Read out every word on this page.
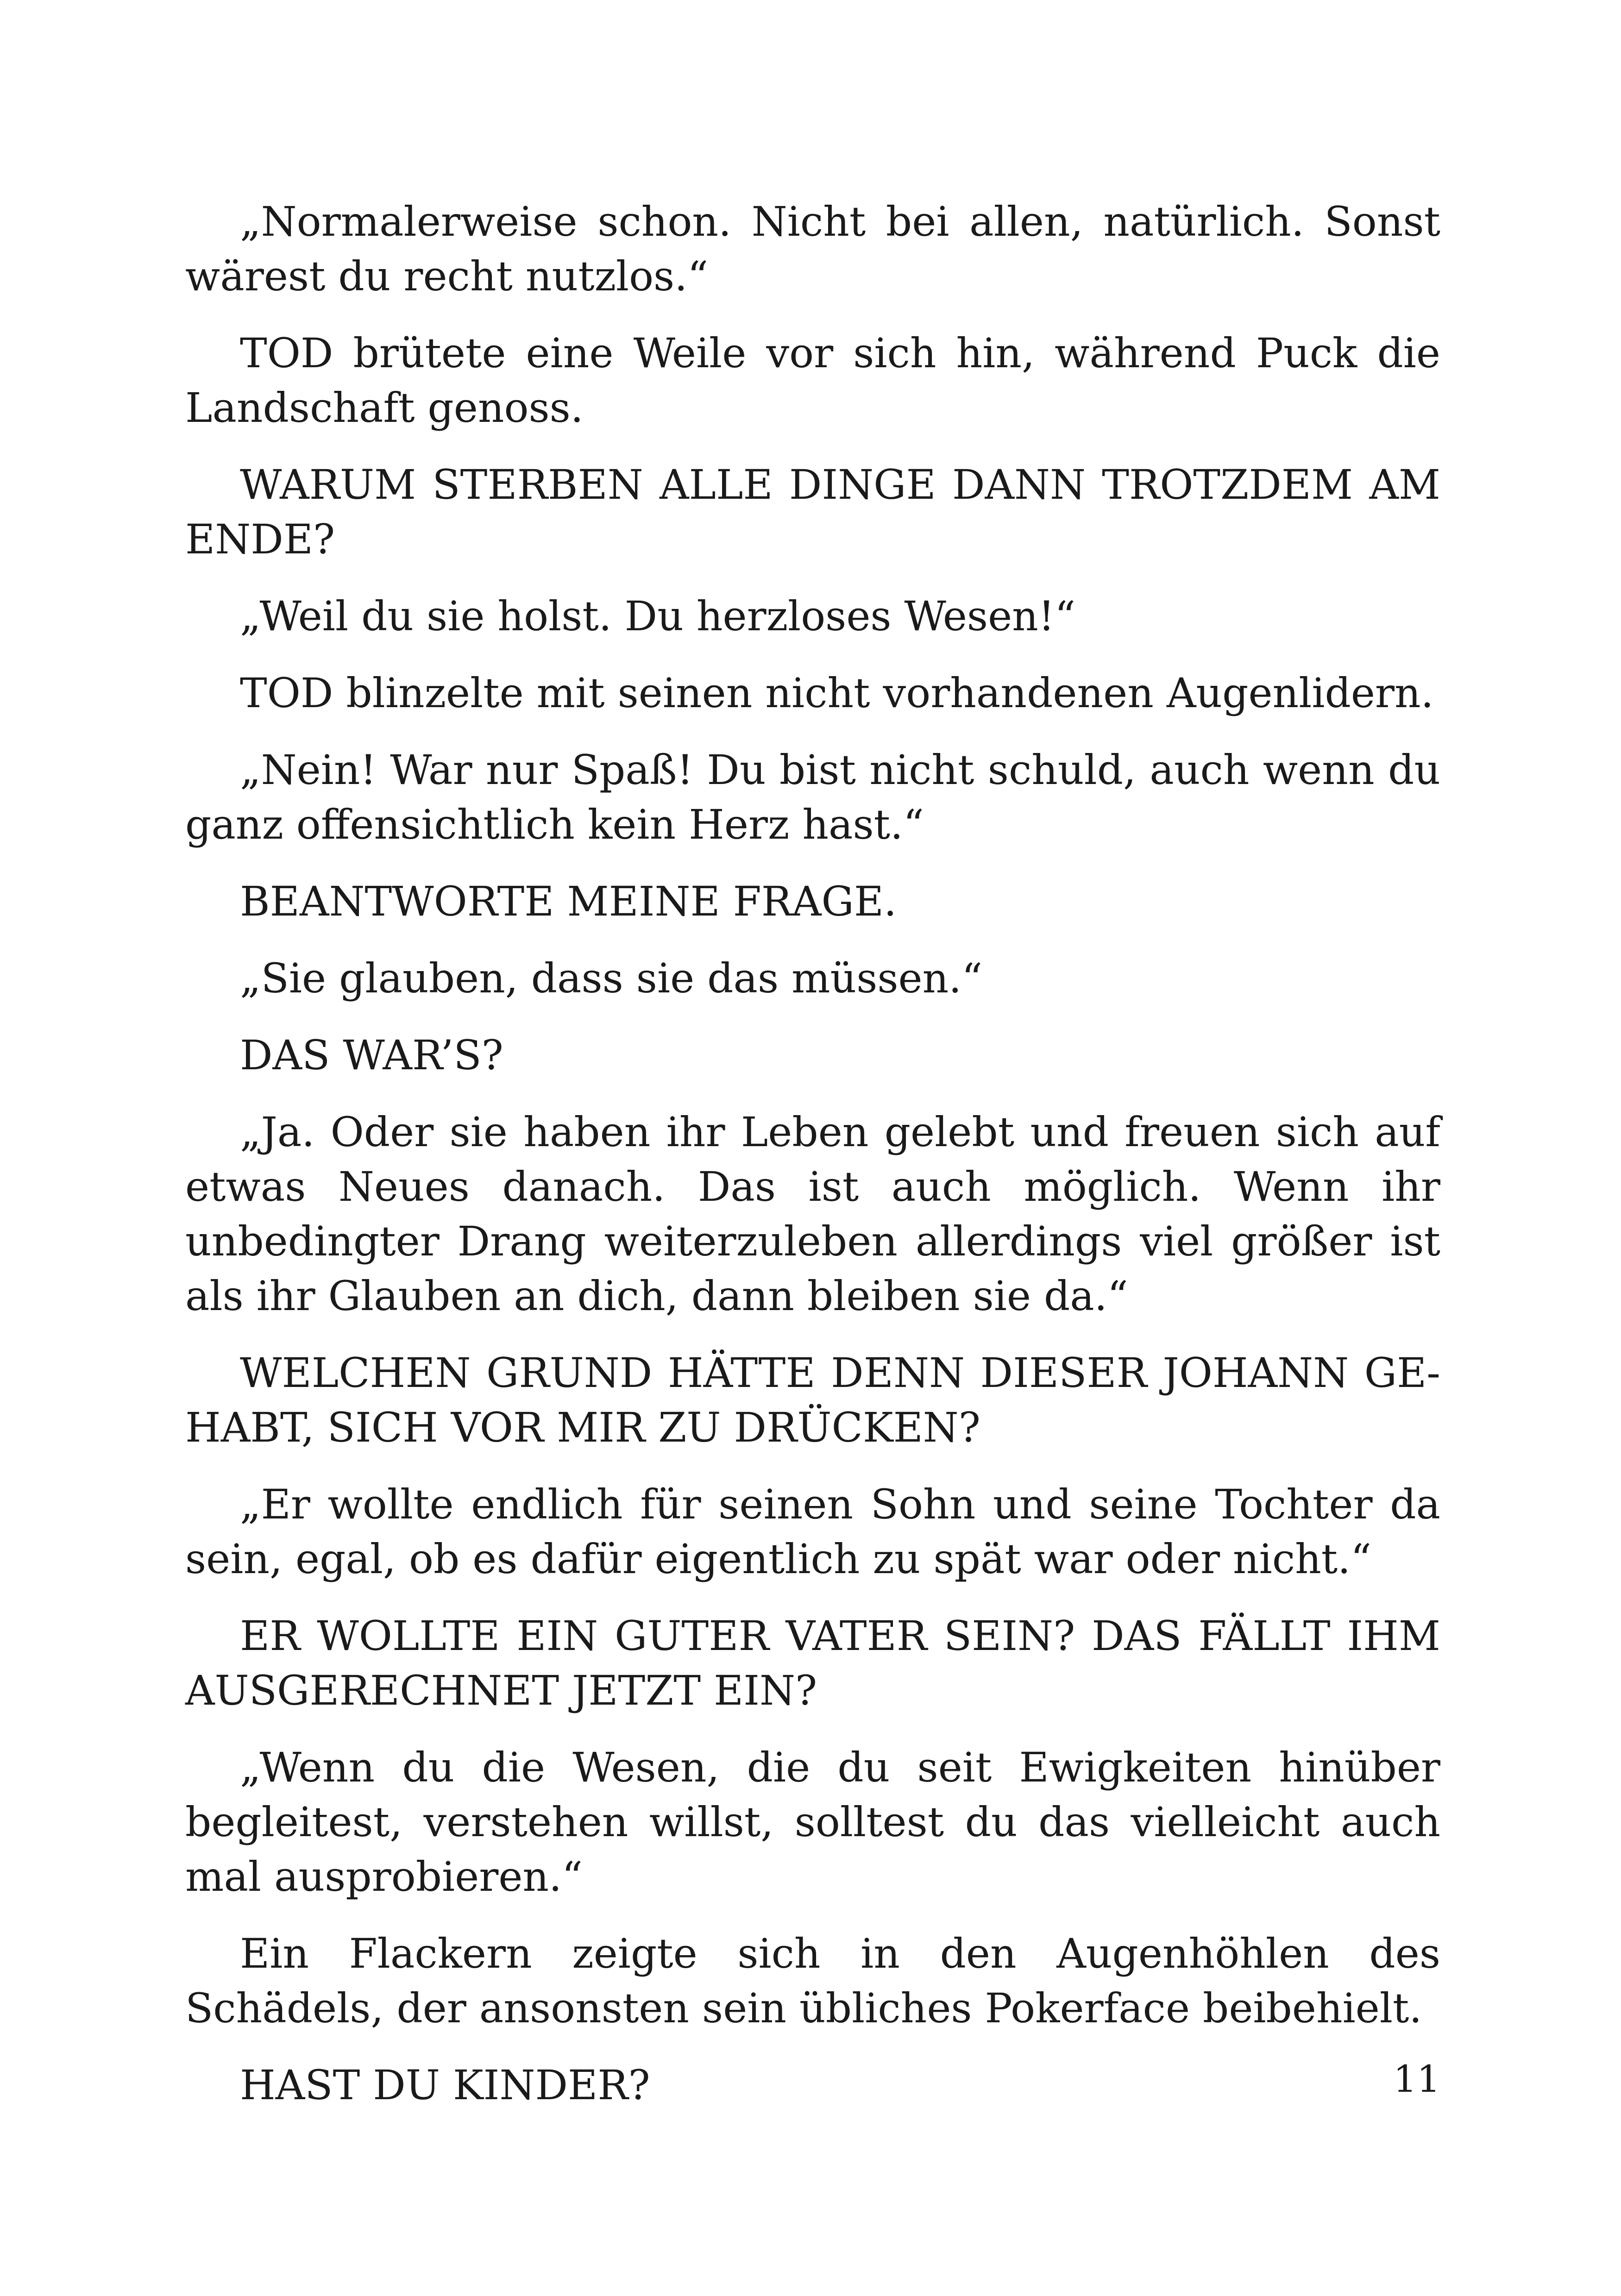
„Normalerweise schon. Nicht bei allen, natürlich. Sonst wärest du recht nutzlos.“

TOD brütete eine Weile vor sich hin, während Puck die Landschaft genoss.

WARUM STERBEN ALLE DINGE DANN TROTZDEM AM ENDE?

„Weil du sie holst. Du herzloses Wesen!“

TOD blinzelte mit seinen nicht vorhandenen Augenlidern.

„Nein! War nur Spaß! Du bist nicht schuld, auch wenn du ganz offensichtlich kein Herz hast.“

BEANTWORTE MEINE FRAGE.

„Sie glauben, dass sie das müssen.“

DAS WAR’S?

„Ja. Oder sie haben ihr Leben gelebt und freuen sich auf etwas Neues danach. Das ist auch möglich. Wenn ihr unbedingter Drang weiterzuleben allerdings viel größer ist als ihr Glauben an dich, dann bleiben sie da.“

WELCHEN GRUND HÄTTE DENN DIESER JOHANN GEHABT, SICH VOR MIR ZU DRÜCKEN?

„Er wollte endlich für seinen Sohn und seine Tochter da sein, egal, ob es dafür eigentlich zu spät war oder nicht.“

ER WOLLTE EIN GUTER VATER SEIN? DAS FÄLLT IHM AUSGERECHNET JETZT EIN?

„Wenn du die Wesen, die du seit Ewigkeiten hinüber begleitest, verstehen willst, solltest du das vielleicht auch mal ausprobieren.“

Ein Flackern zeigte sich in den Augenhöhlen des Schädels, der ansonsten sein übliches Pokerface beibehielt.

HAST DU KINDER?	11
